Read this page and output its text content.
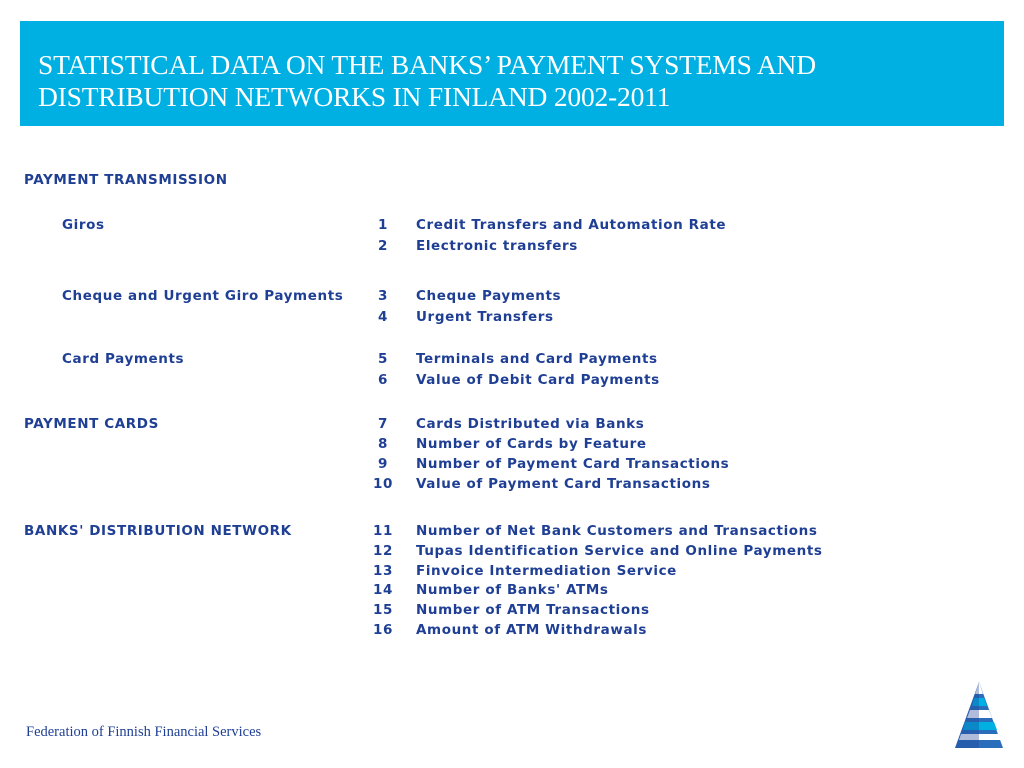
STATISTICAL DATA ON THE BANKS’ PAYMENT SYSTEMS AND DISTRIBUTION NETWORKS IN FINLAND 2002-2011
PAYMENT TRANSMISSION
Giros	1 Credit Transfers and Automation Rate
2 Electronic transfers
Cheque and Urgent Giro Payments	3 Cheque Payments
4 Urgent Transfers
Card Payments	5 Terminals and Card Payments
6 Value of Debit Card Payments
PAYMENT CARDS	7 Cards Distributed via Banks
8 Number of Cards by Feature
9 Number of Payment Card Transactions
10 Value of Payment Card Transactions
BANKS' DISTRIBUTION NETWORK	11 Number of Net Bank Customers and Transactions
12 Tupas Identification Service and Online Payments
13 Finvoice Intermediation Service
14 Number of Banks' ATMs
15 Number of ATM Transactions
16 Amount of ATM Withdrawals
Federation of Finnish Financial Services
